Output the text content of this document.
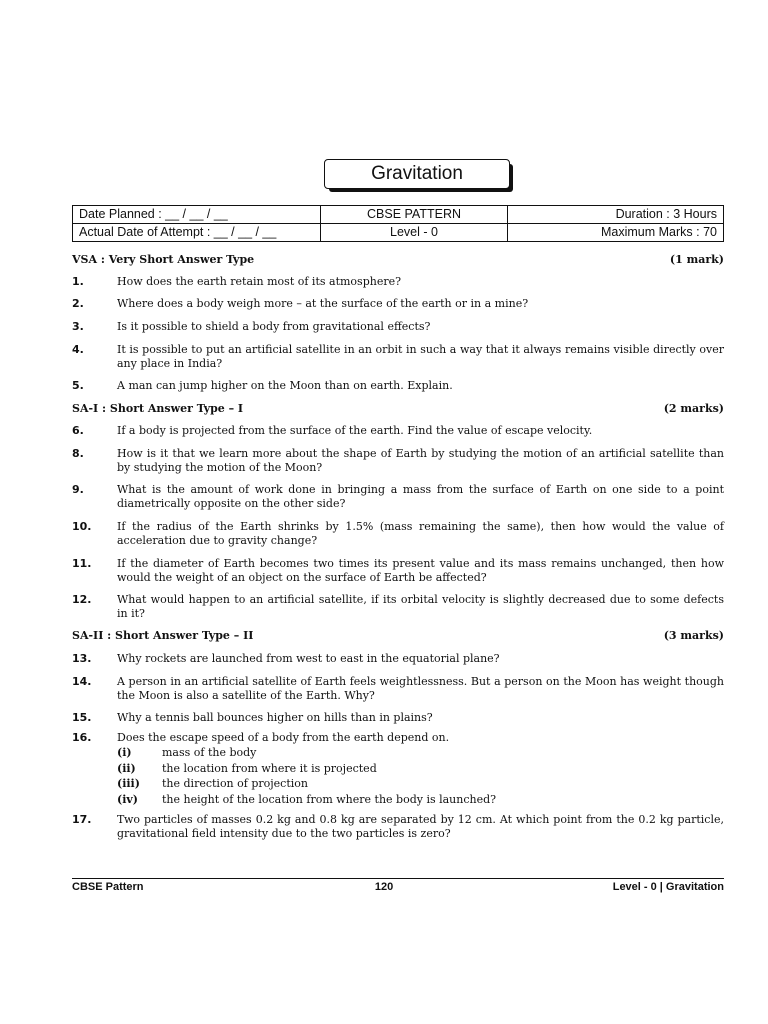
Gravitation
Date Planned : __ / __ / __	CBSE PATTERN	Duration : 3 Hours
Actual Date of Attempt : __ / __ / __	Level - 0	Maximum Marks : 70
VSA : Very Short Answer Type	(1 mark)
1.	How does the earth retain most of its atmosphere?
2.	Where does a body weigh more – at the surface of the earth or in a mine?
3.	Is it possible to shield a body from gravitational effects?
4.	It is possible to put an artificial satellite in an orbit in such a way that it always remains visible directly over any place in India?
5.	A man can jump higher on the Moon than on earth. Explain.
SA-I : Short Answer Type – I	(2 marks)
6.	If a body is projected from the surface of the earth. Find the value of escape velocity.
8.	How is it that we learn more about the shape of Earth by studying the motion of an artificial satellite than by studying the motion of the Moon?
9.	What is the amount of work done in bringing a mass from the surface of Earth on one side to a point diametrically opposite on the other side?
10. If the radius of the Earth shrinks by 1.5% (mass remaining the same), then how would the value of acceleration due to gravity change?
11. If the diameter of Earth becomes two times its present value and its mass remains unchanged, then how would the weight of an object on the surface of Earth be affected?
12. What would happen to an artificial satellite, if its orbital velocity is slightly decreased due to some defects in it?
SA-II : Short Answer Type – II	(3 marks)
13. Why rockets are launched from west to east in the equatorial plane?
14. A person in an artificial satellite of Earth feels weightlessness. But a person on the Moon has weight though the Moon is also a satellite of the Earth. Why?
15. Why a tennis ball bounces higher on hills than in plains?
16. Does the escape speed of a body from the earth depend on.
(i)	mass of the body
(ii) the location from where it is projected
(iii) the direction of projection
(iv) the height of the location from where the body is launched?
17. Two particles of masses 0.2 kg and 0.8 kg are separated by 12 cm. At which point from the 0.2 kg particle, gravitational field intensity due to the two particles is zero?
CBSE Pattern	120	Level - 0 | Gravitation
